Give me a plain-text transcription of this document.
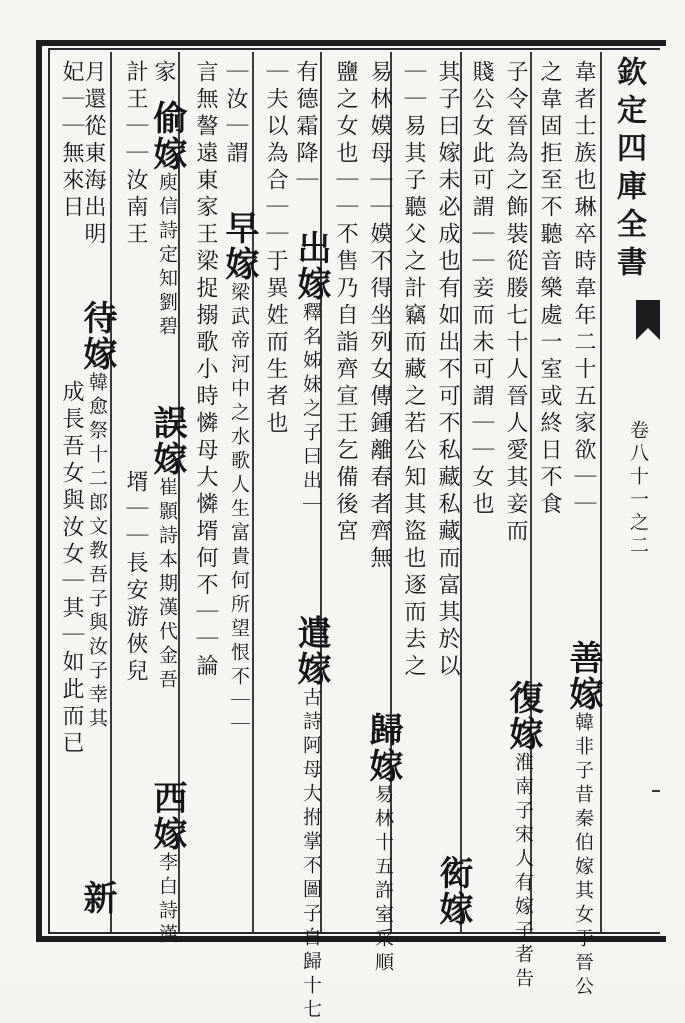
欽定四庫全書
卷八十一之二
韋者士族也琳卒時韋年二十五家欲｜｜
之韋固拒至不聽音樂處一室或終日不食
善嫁韓非子昔秦伯嫁其女于晉公
子令晉為之飾裝從媵七十人晉人愛其妾而
賤公女此可謂｜｜妾而未可謂｜｜女也
復嫁淮南子宋人有嫁子者告
其子曰嫁未必成也有如出不可不私藏私藏而富其於以
衒嫁
｜｜易其子聽父之計竊而藏之若公知其盜也逐而去之
易林嫫母｜｜嫫不得坐列女傳鍾離春者齊無
歸嫁易林十五許室采順
鹽之女也｜｜不售乃自詣齊宣王乞備後宮
有德霜降｜
出嫁釋名姊妹之子曰出｜
遣嫁古詩阿母大拊掌不圖子自歸十七
｜夫以為合｜｜于異姓而生者也
｜汝｜謂
早嫁梁武帝河中之水歌人生富貴何所望恨不｜｜
言無謷遠東家王梁捉搦歌小時憐母大憐壻何不｜｜論
家
偷嫁庾信詩定知劉碧
誤嫁崔顥詩本期漢代金吾
計王｜｜汝南王
壻｜｜長安游俠兒
西嫁李白詩漢
月還從東海出明
待嫁韓愈祭十二郎文教吾子與汝子幸其
成長吾女與汝女｜其｜如此而已
妃｜｜無來日
新
